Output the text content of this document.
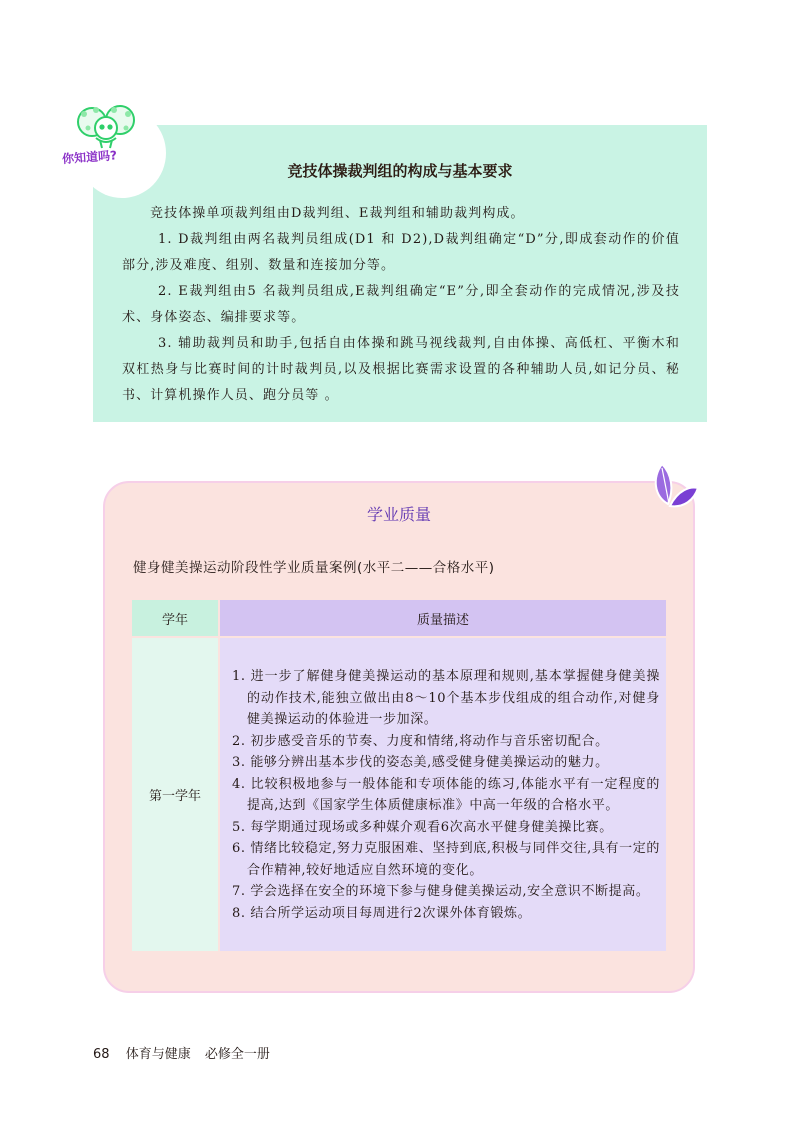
你知道吗?
竞技体操裁判组的构成与基本要求

竞技体操单项裁判组由D裁判组、E裁判组和辅助裁判构成。

1. D裁判组由两名裁判员组成(D1 和 D2),D裁判组确定“D”分,即成套动作的价值部分,涉及难度、组别、数量和连接加分等。

2. E裁判组由5 名裁判员组成,E裁判组确定“E”分,即全套动作的完成情况,涉及技术、身体姿态、编排要求等。

3. 辅助裁判员和助手,包括自由体操和跳马视线裁判,自由体操、高低杠、平衡木和双杠热身与比赛时间的计时裁判员,以及根据比赛需求设置的各种辅助人员,如记分员、秘书、计算机操作人员、跑分员等 。

学业质量
健身健美操运动阶段性学业质量案例(水平二——合格水平)
学年	质量描述
第一学年
1. 进一步了解健身健美操运动的基本原理和规则,基本掌握健身健美操的动作技术,能独立做出由8～10个基本步伐组成的组合动作,对健身健美操运动的体验进一步加深。
2. 初步感受音乐的节奏、力度和情绪,将动作与音乐密切配合。
3. 能够分辨出基本步伐的姿态美,感受健身健美操运动的魅力。
4. 比较积极地参与一般体能和专项体能的练习,体能水平有一定程度的提高,达到《国家学生体质健康标准》中高一年级的合格水平。
5. 每学期通过现场或多种媒介观看6次高水平健身健美操比赛。
6. 情绪比较稳定,努力克服困难、坚持到底,积极与同伴交往,具有一定的合作精神,较好地适应自然环境的变化。
7. 学会选择在安全的环境下参与健身健美操运动,安全意识不断提高。
8. 结合所学运动项目每周进行2次课外体育锻炼。
68 体育与健康 必修全一册
